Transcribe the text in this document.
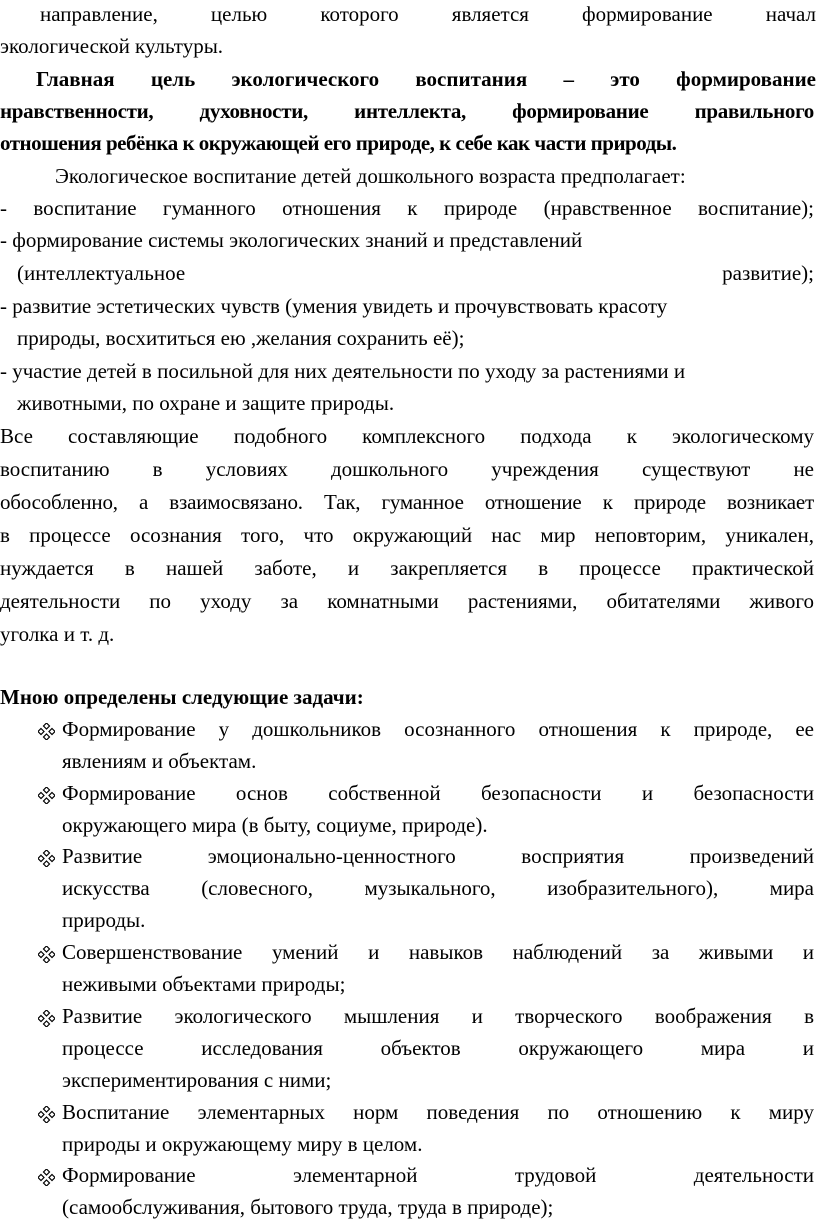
направление, целью которого является формирование начал
экологической культуры.
Главная цель экологического воспитания – это формирование
нравственности, духовности, интеллекта, формирование правильного
отношения ребёнка к окружающей его природе, к себе как части природы.
Экологическое воспитание детей дошкольного возраста предполагает:
- воспитание гуманного отношения к природе (нравственное воспитание);
- формирование системы экологических знаний и представлений
(интеллектуальное	развитие);
- развитие эстетических чувств (умения увидеть и прочувствовать красоту
природы, восхититься ею ,желания сохранить её);
- участие детей в посильной для них деятельности по уходу за растениями и
животными, по охране и защите природы.
Все составляющие подобного комплексного подхода к экологическому
воспитанию в условиях дошкольного учреждения существуют не
обособленно, а взаимосвязано. Так, гуманное отношение к природе возникает
в процессе осознания того, что окружающий нас мир неповторим, уникален,
нуждается в нашей заботе, и закрепляется в процессе практической
деятельности по уходу за комнатными растениями, обитателями живого
уголка и т. д.
Мною определены следующие задачи:
Формирование у дошкольников осознанного отношения к природе, ее
явлениям и объектам.
Формирование основ собственной безопасности и безопасности
окружающего мира (в быту, социуме, природе).
Развитие эмоционально-ценностного восприятия произведений
искусства (словесного, музыкального, изобразительного), мира
природы.
Совершенствование умений и навыков наблюдений за живыми и
неживыми объектами природы;
Развитие экологического мышления и творческого воображения в
процессе исследования объектов окружающего мира и
экспериментирования с ними;
Воспитание элементарных норм поведения по отношению к миру
природы и окружающему миру в целом.
Формирование элементарной трудовой деятельности
(самообслуживания, бытового труда, труда в природе);
